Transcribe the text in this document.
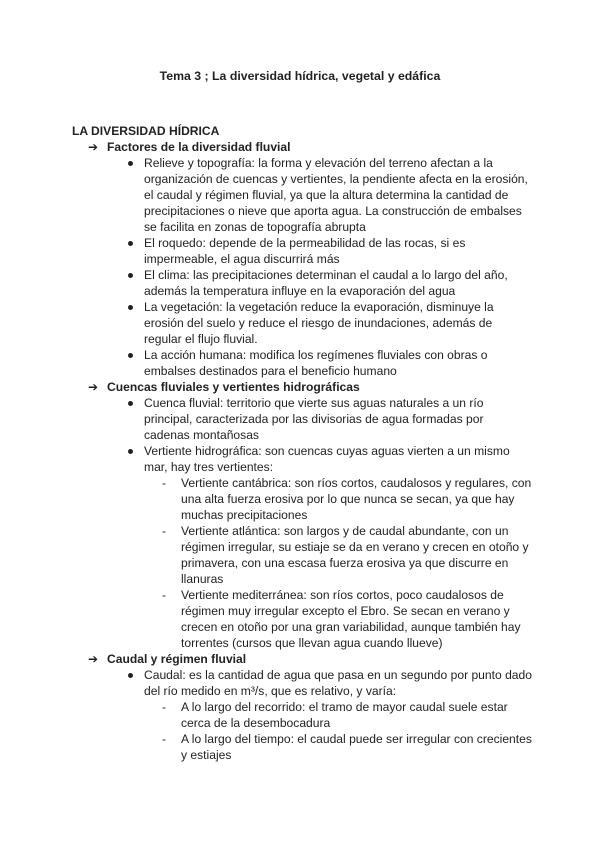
Tema 3 ; La diversidad hídrica, vegetal y edáfica
LA DIVERSIDAD HÍDRICA
➔ Factores de la diversidad fluvial
Relieve y topografía: la forma y elevación del terreno afectan a la organización de cuencas y vertientes, la pendiente afecta en la erosión, el caudal y régimen fluvial, ya que la altura determina la cantidad de precipitaciones o nieve que aporta agua. La construcción de embalses se facilita en zonas de topografía abrupta
El roquedo: depende de la permeabilidad de las rocas, si es impermeable, el agua discurrirá más
El clima: las precipitaciones determinan el caudal a lo largo del año, además la temperatura influye en la evaporación del agua
La vegetación: la vegetación reduce la evaporación, disminuye la erosión del suelo y reduce el riesgo de inundaciones, además de regular el flujo fluvial.
La acción humana: modifica los regímenes fluviales con obras o embalses destinados para el beneficio humano
➔ Cuencas fluviales y vertientes hidrográficas
Cuenca fluvial: territorio que vierte sus aguas naturales a un río principal, caracterizada por las divisorias de agua formadas por cadenas montañosas
Vertiente hidrográfica: son cuencas cuyas aguas vierten a un mismo mar, hay tres vertientes:
- Vertiente cantábrica: son ríos cortos, caudalosos y regulares, con una alta fuerza erosiva por lo que nunca se secan, ya que hay muchas precipitaciones
- Vertiente atlántica: son largos y de caudal abundante, con un régimen irregular, su estiaje se da en verano y crecen en otoño y primavera, con una escasa fuerza erosiva ya que discurre en llanuras
- Vertiente mediterránea: son ríos cortos, poco caudalosos de régimen muy irregular excepto el Ebro. Se secan en verano y crecen en otoño por una gran variabilidad, aunque también hay torrentes (cursos que llevan agua cuando llueve)
➔ Caudal y régimen fluvial
Caudal: es la cantidad de agua que pasa en un segundo por punto dado del río medido en m³/s, que es relativo, y varía:
- A lo largo del recorrido: el tramo de mayor caudal suele estar cerca de la desembocadura
- A lo largo del tiempo: el caudal puede ser irregular con crecientes y estiajes
